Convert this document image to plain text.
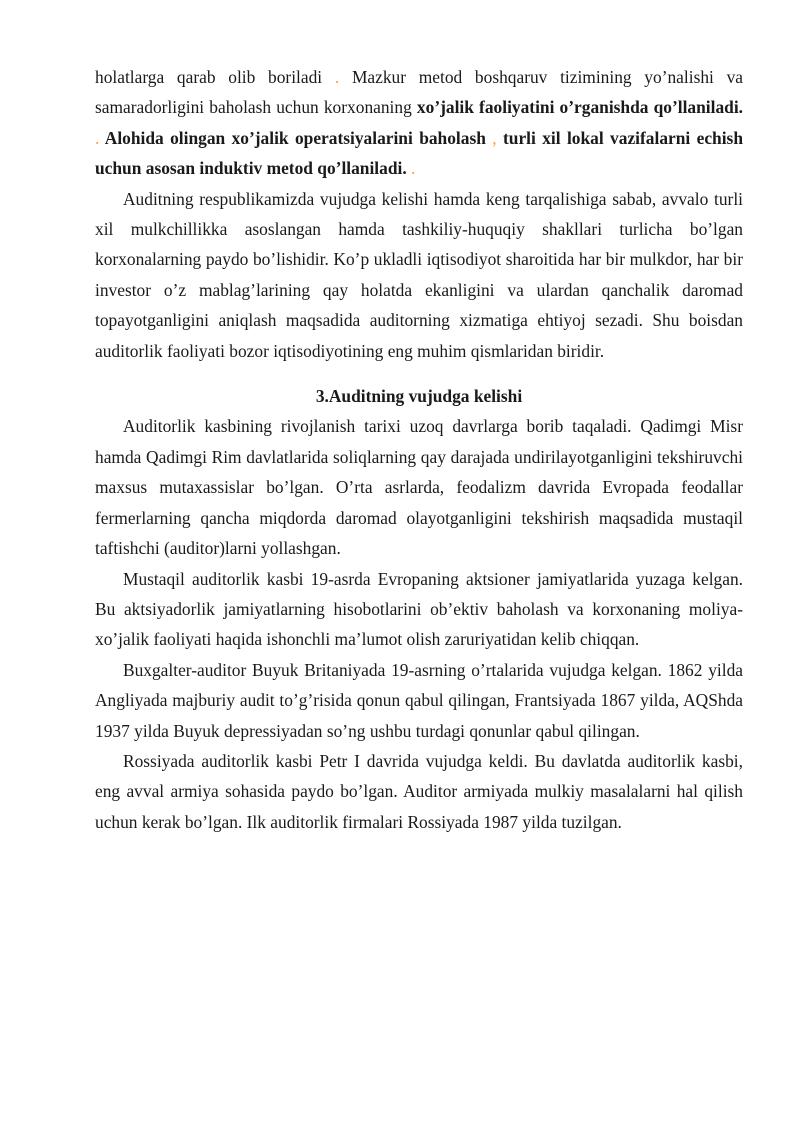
holatlarga qarab olib boriladi . Mazkur metod boshqaruv tizimining yo’nalishi va samaradorligini baholash uchun korxonaning xo’jalik faoliyatini o’rganishda qo’llaniladi. . Alohida olingan xo’jalik operatsiyalarini baholash , turli xil lokal vazifalarni echish uchun asosan induktiv metod qo’llaniladi. .

Auditning respublikamizda vujudga kelishi hamda keng tarqalishiga sabab, avvalo turli xil mulkchillikka asoslangan hamda tashkiliy-huquqiy shakllari turlicha bo’lgan korxonalarning paydo bo’lishidir. Ko’p ukladli iqtisodiyot sharoitida har bir mulkdor, har bir investor o’z mablag’larining qay holatda ekanligini va ulardan qanchalik daromad topayotganligini aniqlash maqsadida auditorning xizmatiga ehtiyoj sezadi. Shu boisdan auditorlik faoliyati bozor iqtisodiyotining eng muhim qismlaridan biridir.

3.Auditning vujudga kelishi

Auditorlik kasbining rivojlanish tarixi uzoq davrlarga borib taqaladi. Qadimgi Misr hamda Qadimgi Rim davlatlarida soliqlarning qay darajada undirilayotganligini tekshiruvchi maxsus mutaxassislar bo’lgan. O’rta asrlarda, feodalizm davrida Evropada feodallar fermerlarning qancha miqdorda daromad olayotganligini tekshirish maqsadida mustaqil taftishchi (auditor)larni yollashgan.

Mustaqil auditorlik kasbi 19-asrda Evropaning aktsioner jamiyatlarida yuzaga kelgan. Bu aktsiyadorlik jamiyatlarning hisobotlarini ob’ektiv baholash va korxonaning moliya-xo’jalik faoliyati haqida ishonchli ma’lumot olish zaruriyatidan kelib chiqqan.

Buxgalter-auditor Buyuk Britaniyada 19-asrning o’rtalarida vujudga kelgan. 1862 yilda Angliyada majburiy audit to’g’risida qonun qabul qilingan, Frantsiyada 1867 yilda, AQShda 1937 yilda Buyuk depressiyadan so’ng ushbu turdagi qonunlar qabul qilingan.

Rossiyada auditorlik kasbi Petr I davrida vujudga keldi. Bu davlatda auditorlik kasbi, eng avval armiya sohasida paydo bo’lgan. Auditor armiyada mulkiy masalalarni hal qilish uchun kerak bo’lgan. Ilk auditorlik firmalari Rossiyada 1987 yilda tuzilgan.
